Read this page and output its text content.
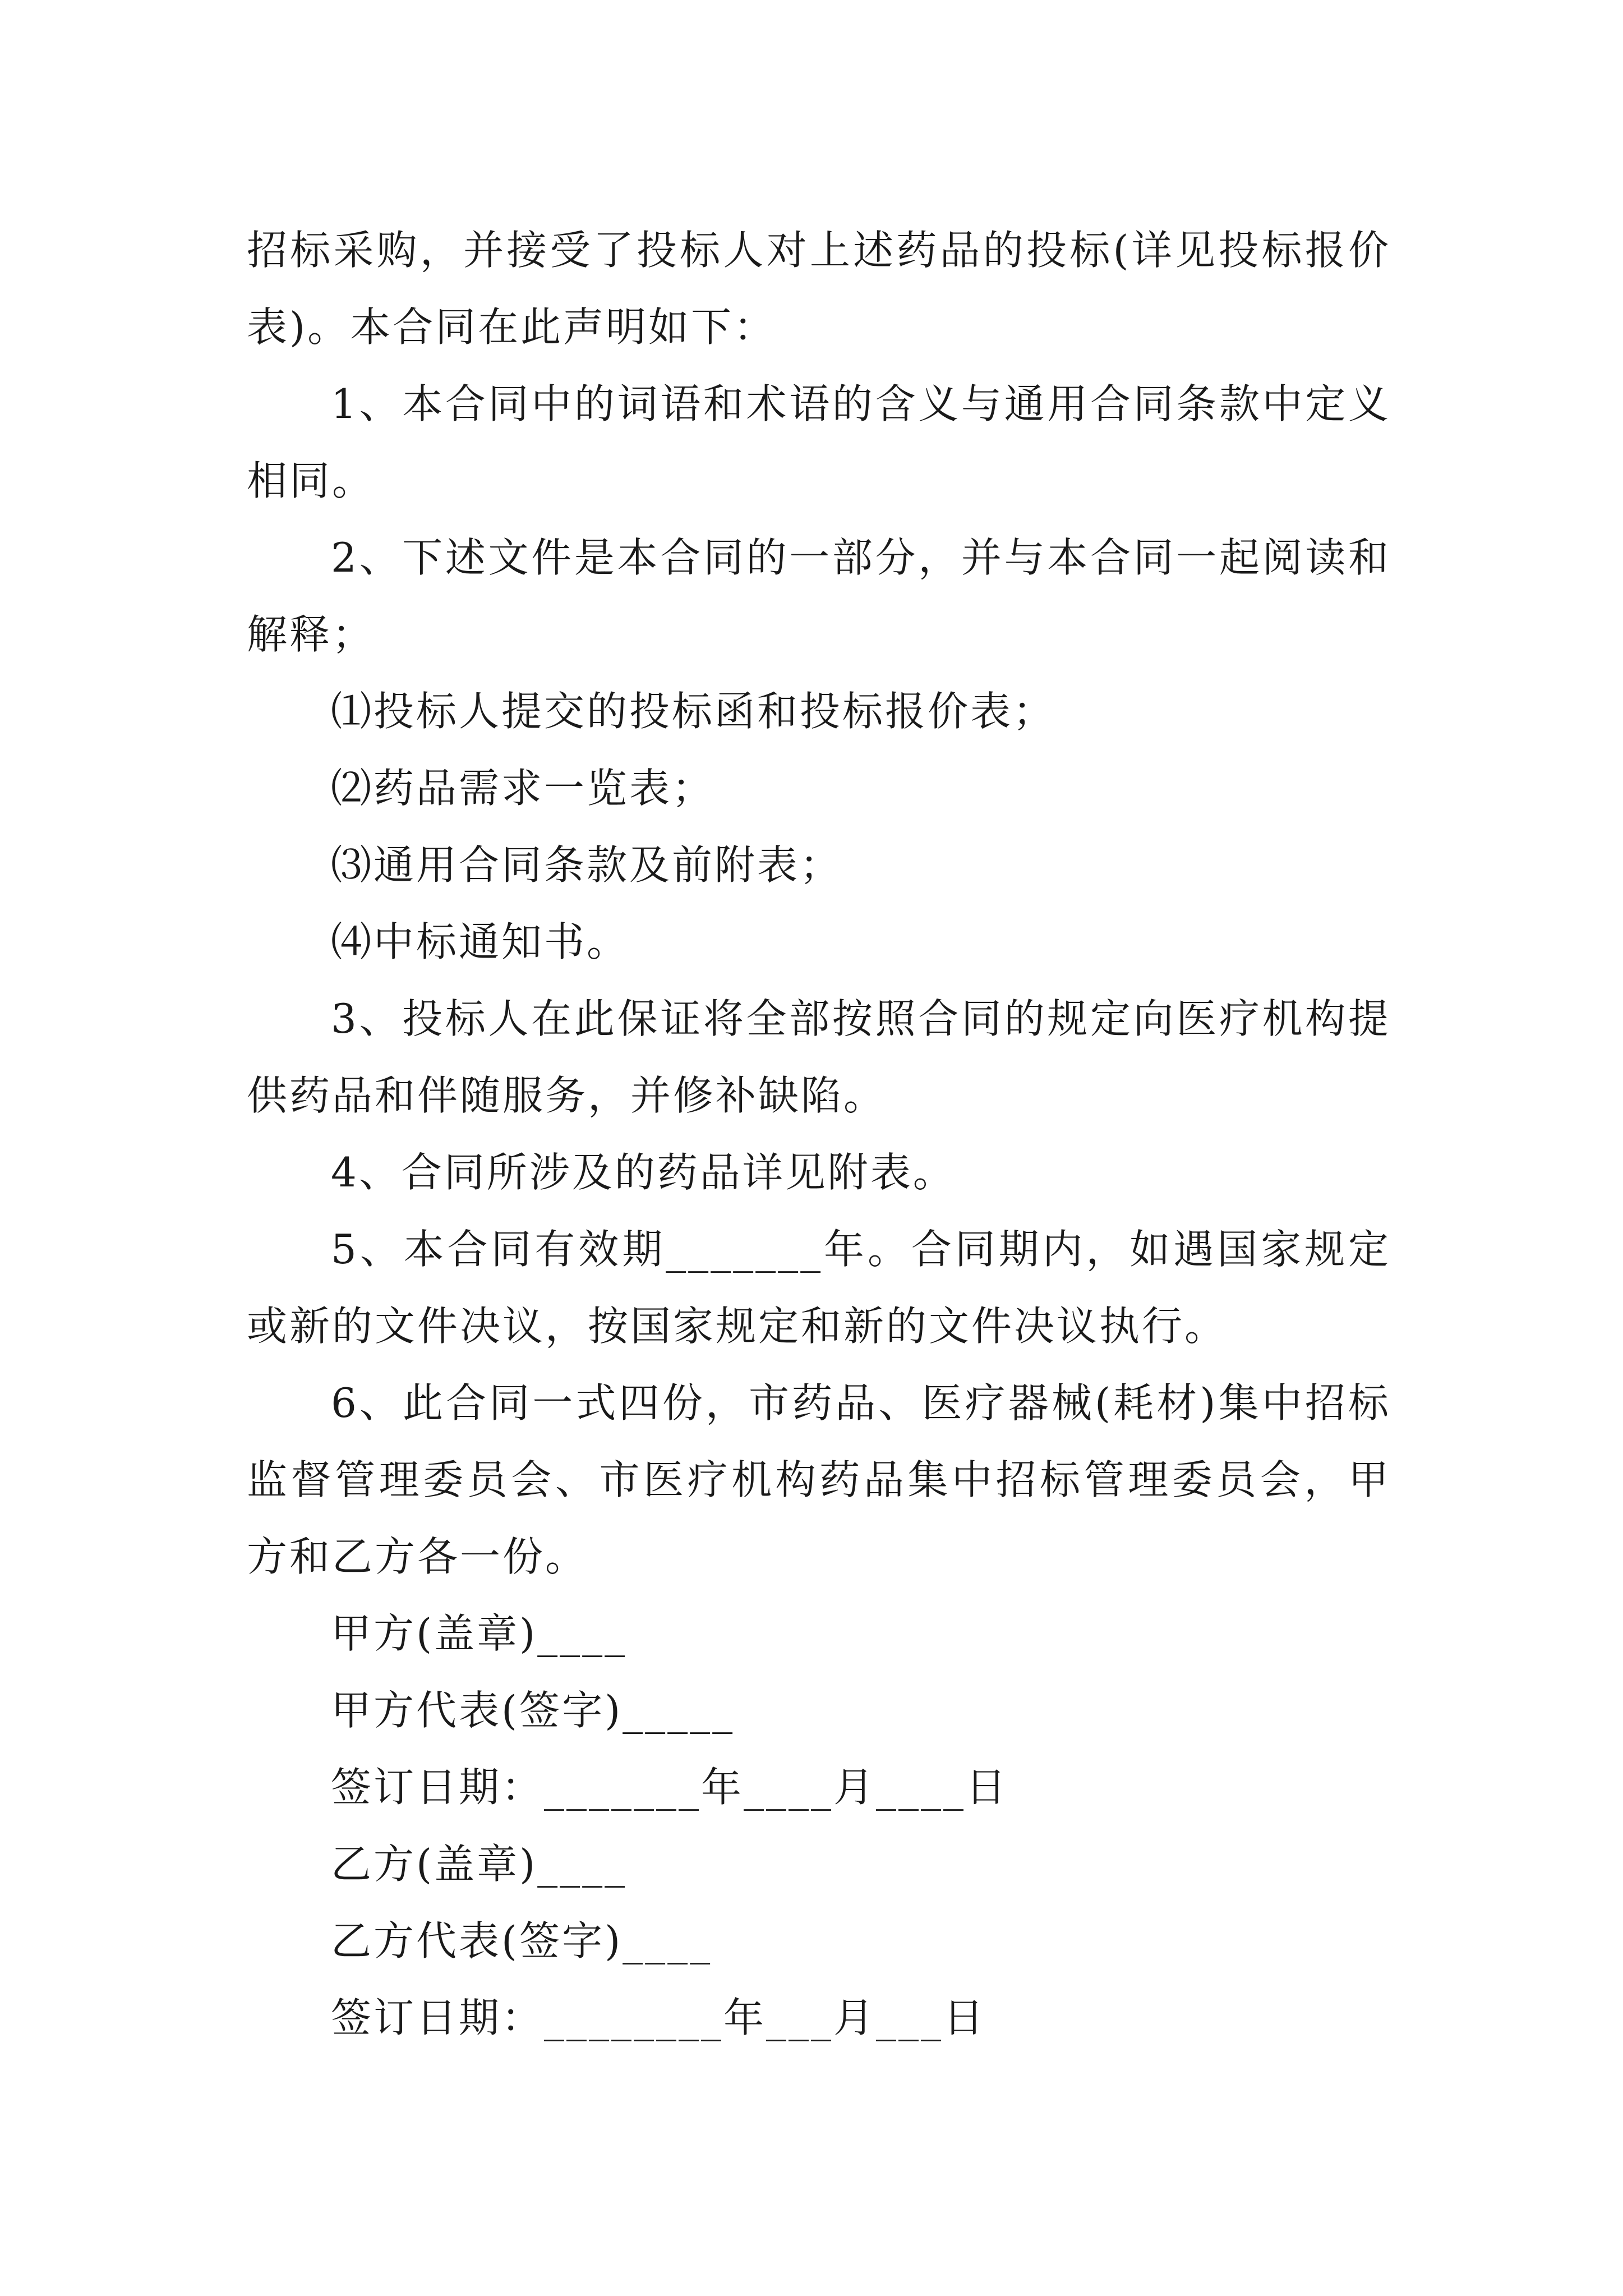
招标采购，并接受了投标人对上述药品的投标(详见投标报价表)。本合同在此声明如下：

1、本合同中的词语和术语的含义与通用合同条款中定义相同。

2、下述文件是本合同的一部分，并与本合同一起阅读和解释；

⑴投标人提交的投标函和投标报价表；

⑵药品需求一览表；

⑶通用合同条款及前附表；

⑷中标通知书。

3、投标人在此保证将全部按照合同的规定向医疗机构提供药品和伴随服务，并修补缺陷。

4、合同所涉及的药品详见附表。

5、本合同有效期_______年。合同期内，如遇国家规定或新的文件决议，按国家规定和新的文件决议执行。

6、此合同一式四份，市药品、医疗器械(耗材)集中招标监督管理委员会、市医疗机构药品集中招标管理委员会，甲方和乙方各一份。

甲方(盖章)____
甲方代表(签字)_____
签订日期：_______年____月____日
乙方(盖章)____
乙方代表(签字)____
签订日期：________年___月___日
